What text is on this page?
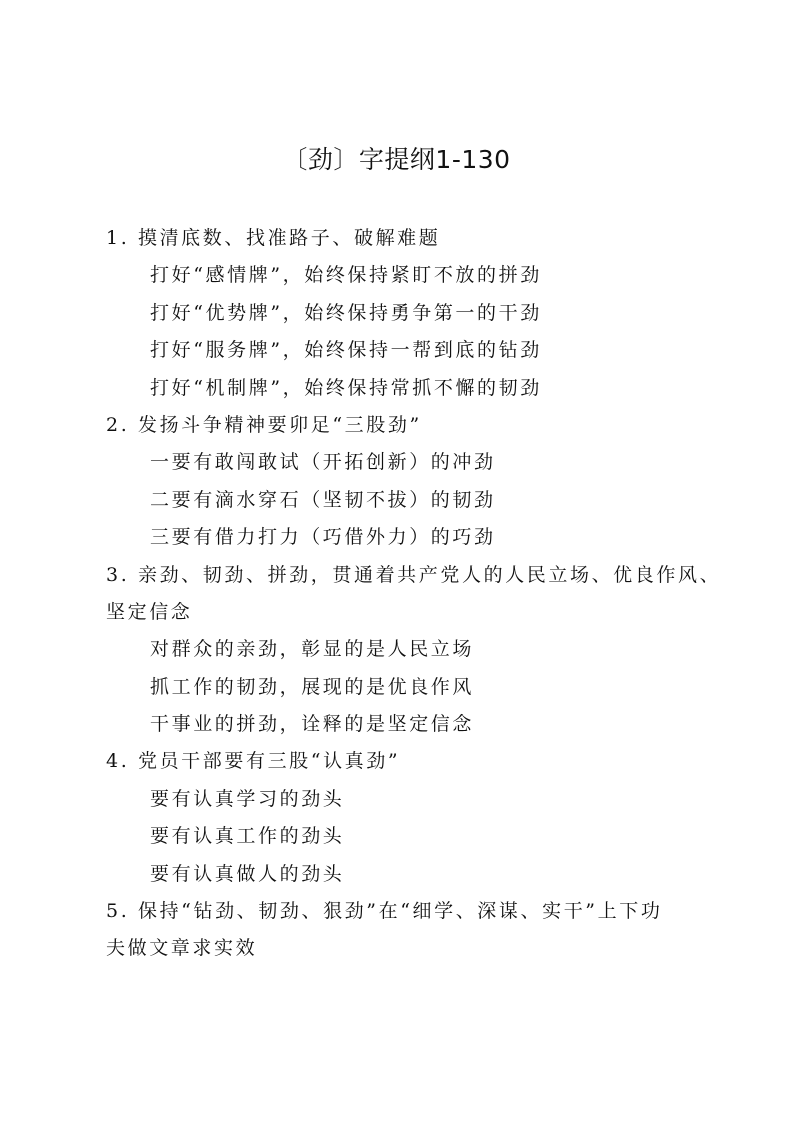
〔劲〕字提纲1-130
1. 摸清底数、找准路子、破解难题
打好“感情牌”，始终保持紧盯不放的拼劲
打好“优势牌”，始终保持勇争第一的干劲
打好“服务牌”，始终保持一帮到底的钻劲
打好“机制牌”，始终保持常抓不懈的韧劲
2. 发扬斗争精神要卯足“三股劲”
一要有敢闯敢试（开拓创新）的冲劲
二要有滴水穿石（坚韧不拔）的韧劲
三要有借力打力（巧借外力）的巧劲
3. 亲劲、韧劲、拼劲，贯通着共产党人的人民立场、优良作风、
坚定信念
对群众的亲劲，彰显的是人民立场
抓工作的韧劲，展现的是优良作风
干事业的拼劲，诠释的是坚定信念
4. 党员干部要有三股“认真劲”
要有认真学习的劲头
要有认真工作的劲头
要有认真做人的劲头
5. 保持“钻劲、韧劲、狠劲”在“细学、深谋、实干”上下功
夫做文章求实效
